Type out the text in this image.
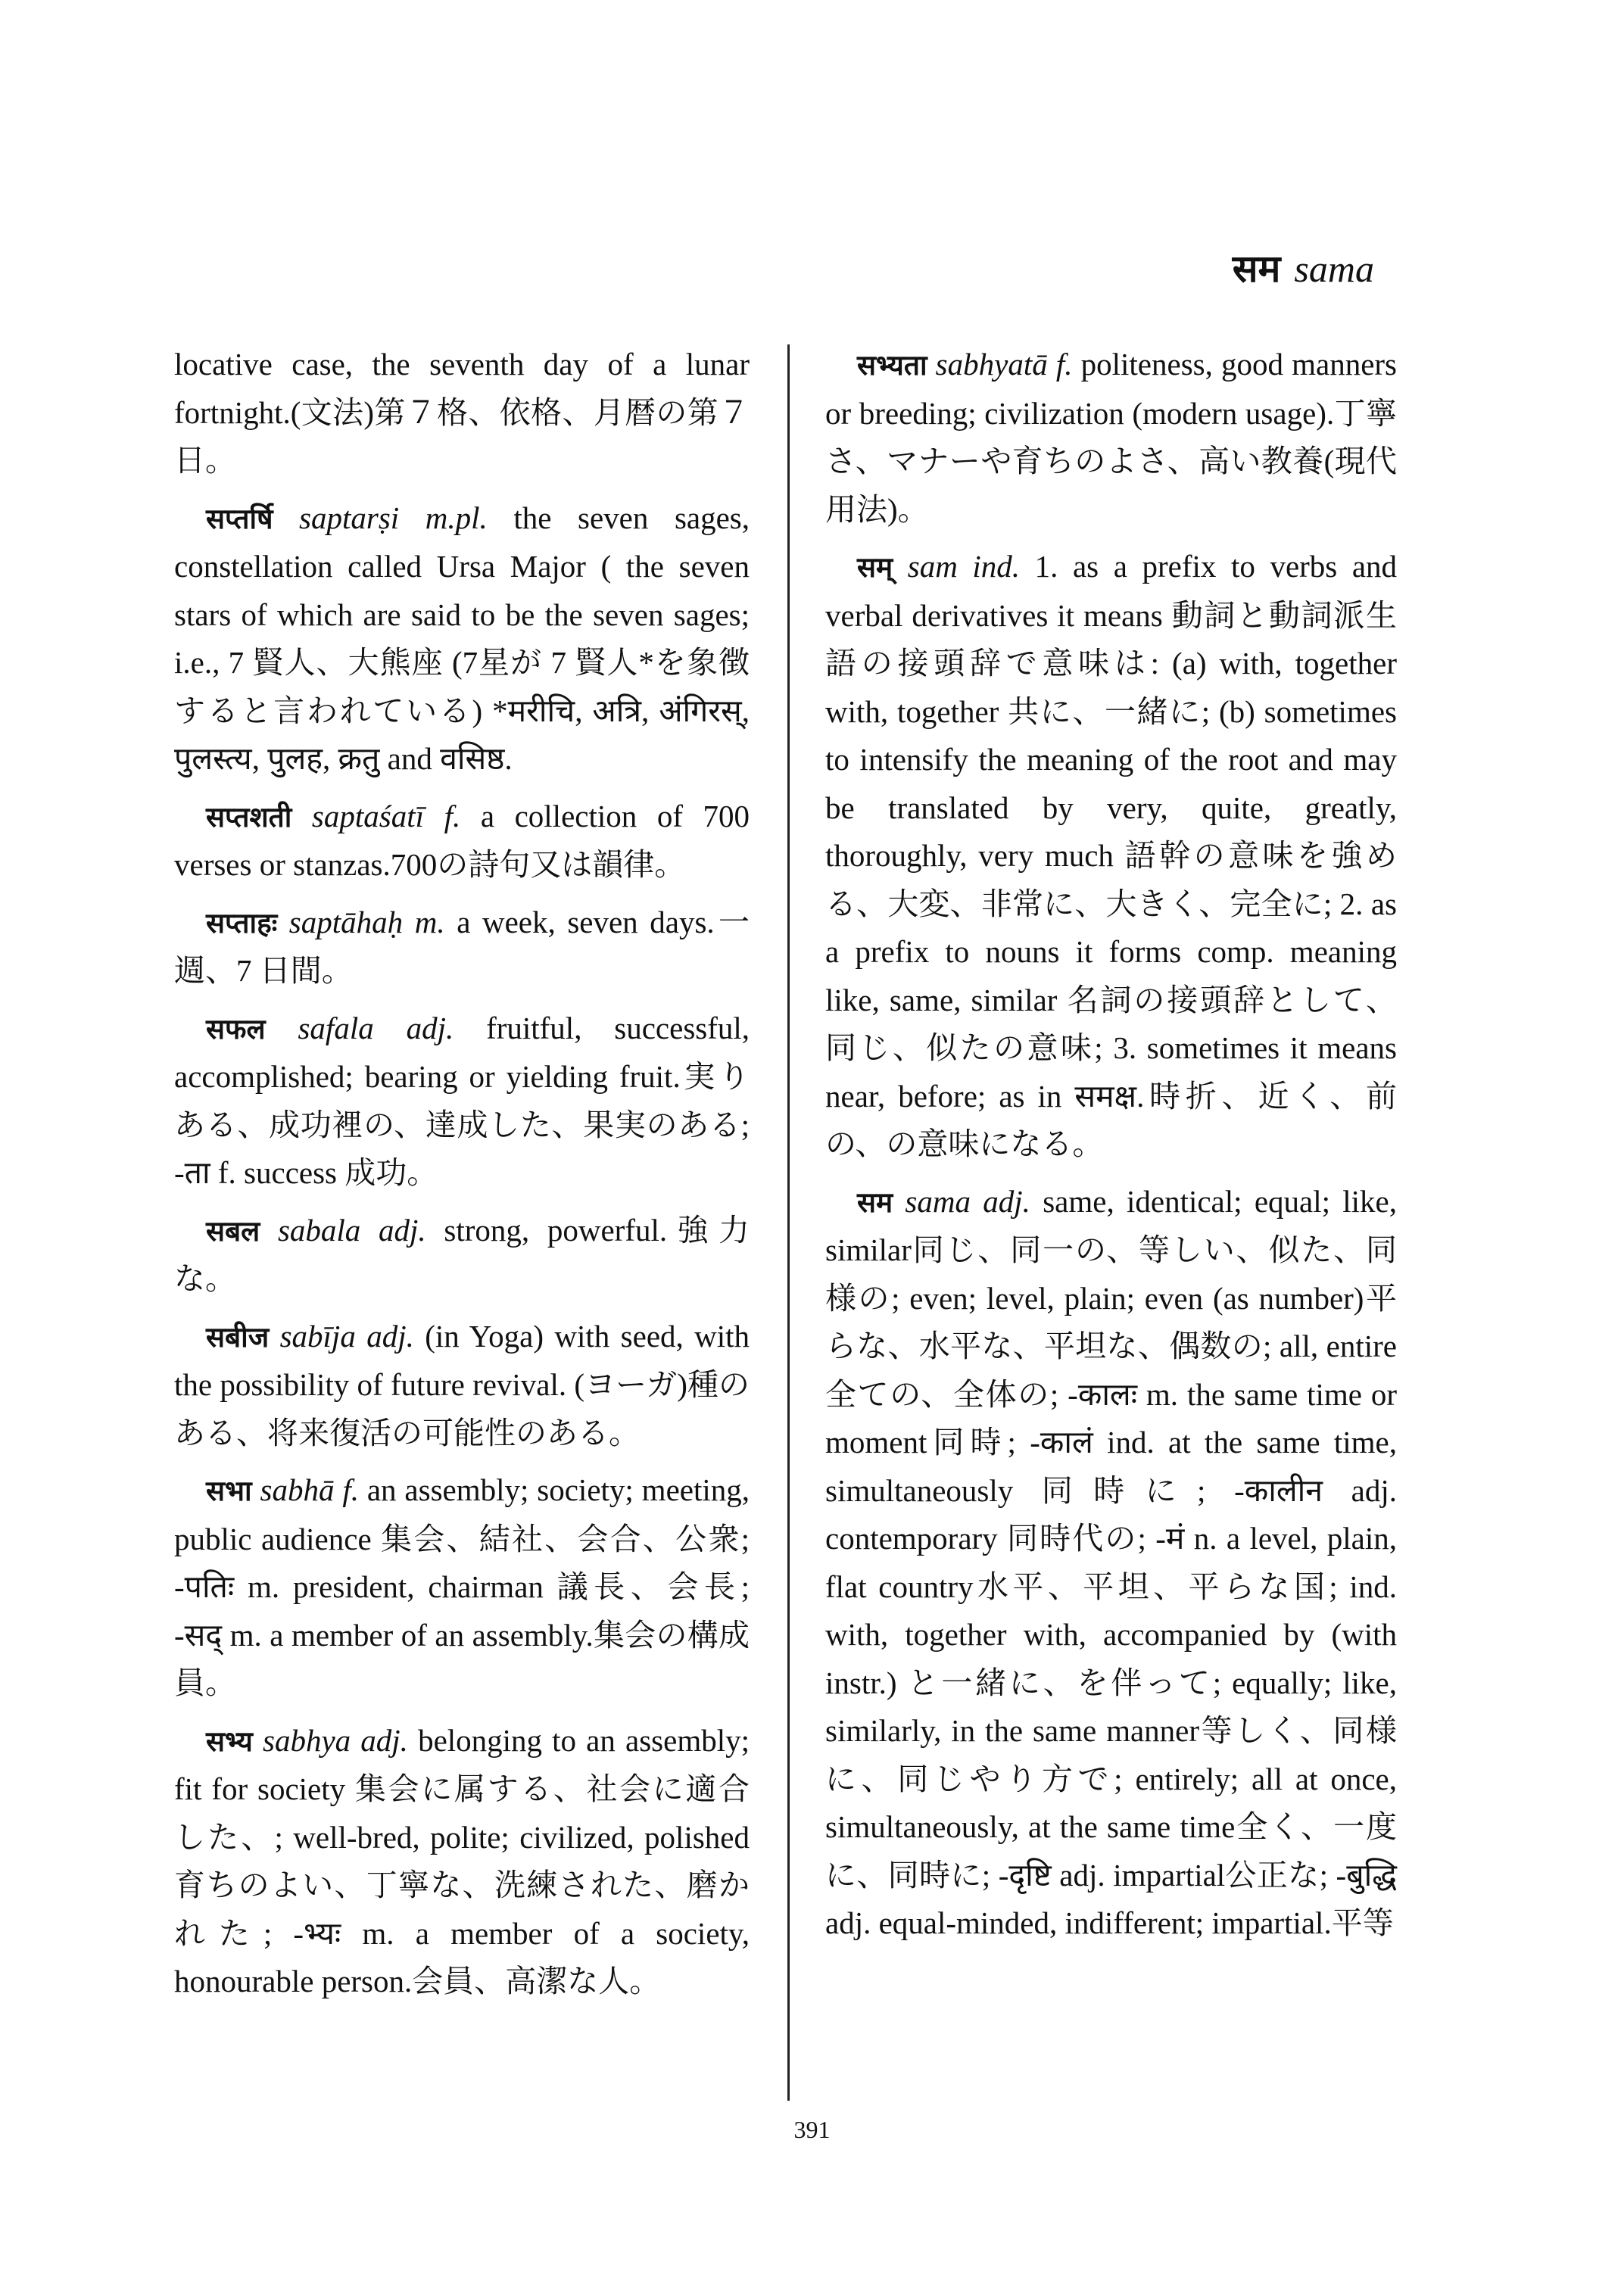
सम sama

locative case, the seventh day of a lunar fortnight.(文法)第７格、依格、月暦の第７日。

सप्तर्षि saptarṣi m.pl. the seven sages, constellation called Ursa Major ( the seven stars of which are said to be the seven sages; i.e., 7 賢人、大熊座 (7星が 7 賢人*を象徴すると言われている) *मरीचि, अत्रि, अंगिरस्, पुलस्त्य, पुलह, क्रतु and वसिष्ठ.

सप्तशती saptaśatī f. a collection of 700 verses or stanzas.700の詩句又は韻律。

सप्ताहः saptāhaḥ m. a week, seven days.一週、7 日間。

सफल safala adj. fruitful, successful, accomplished; bearing or yielding fruit.実りある、成功裡の、達成した、果実のある; -ता f. success 成功。

सबल sabala adj. strong, powerful.強力な。

सबीज sabīja adj. (in Yoga) with seed, with the possibility of future revival. (ヨーガ)種のある、将来復活の可能性のある。

सभा sabhā f. an assembly; society; meeting, public audience 集会、結社、会合、公衆; -पतिः m. president, chairman 議長、会長; -सद् m. a member of an assembly.集会の構成員。

सभ्य sabhya adj. belonging to an assembly; fit for society 集会に属する、社会に適合した、; well-bred, polite; civilized, polished 育ちのよい、丁寧な、洗練された、磨かれた; -भ्यः m. a member of a society, honourable person.会員、高潔な人。

सभ्यता sabhyatā f. politeness, good manners or breeding; civilization (modern usage).丁寧さ、マナーや育ちのよさ、高い教養(現代用法)。

सम् sam ind. 1. as a prefix to verbs and verbal derivatives it means 動詞と動詞派生語の接頭辞で意味は: (a) with, together with, together 共に、一緒に; (b) sometimes to intensify the meaning of the root and may be translated by very, quite, greatly, thoroughly, very much 語幹の意味を強める、大変、非常に、大きく、完全に; 2. as a prefix to nouns it forms comp. meaning like, same, similar 名詞の接頭辞として、同じ、似たの意味; 3. sometimes it means near, before; as in समक्ष.時折、近く、前の、の意味になる。

सम sama adj. same, identical; equal; like, similar同じ、同一の、等しい、似た、同様の; even; level, plain; even (as number)平らな、水平な、平坦な、偶数の; all, entire全ての、全体の; -कालः m. the same time or moment同時; -कालं ind. at the same time, simultaneously 同時に; -कालीन adj. contemporary 同時代の; -मं n. a level, plain, flat country水平、平坦、平らな国; ind. with, together with, accompanied by (with instr.) と一緒に、を伴って; equally; like, similarly, in the same manner等しく、同様に、同じやり方で; entirely; all at once, simultaneously, at the same time全く、一度に、同時に; -दृष्टि adj. impartial公正な; -बुद्धि adj. equal-minded, indifferent; impartial.平等

391
